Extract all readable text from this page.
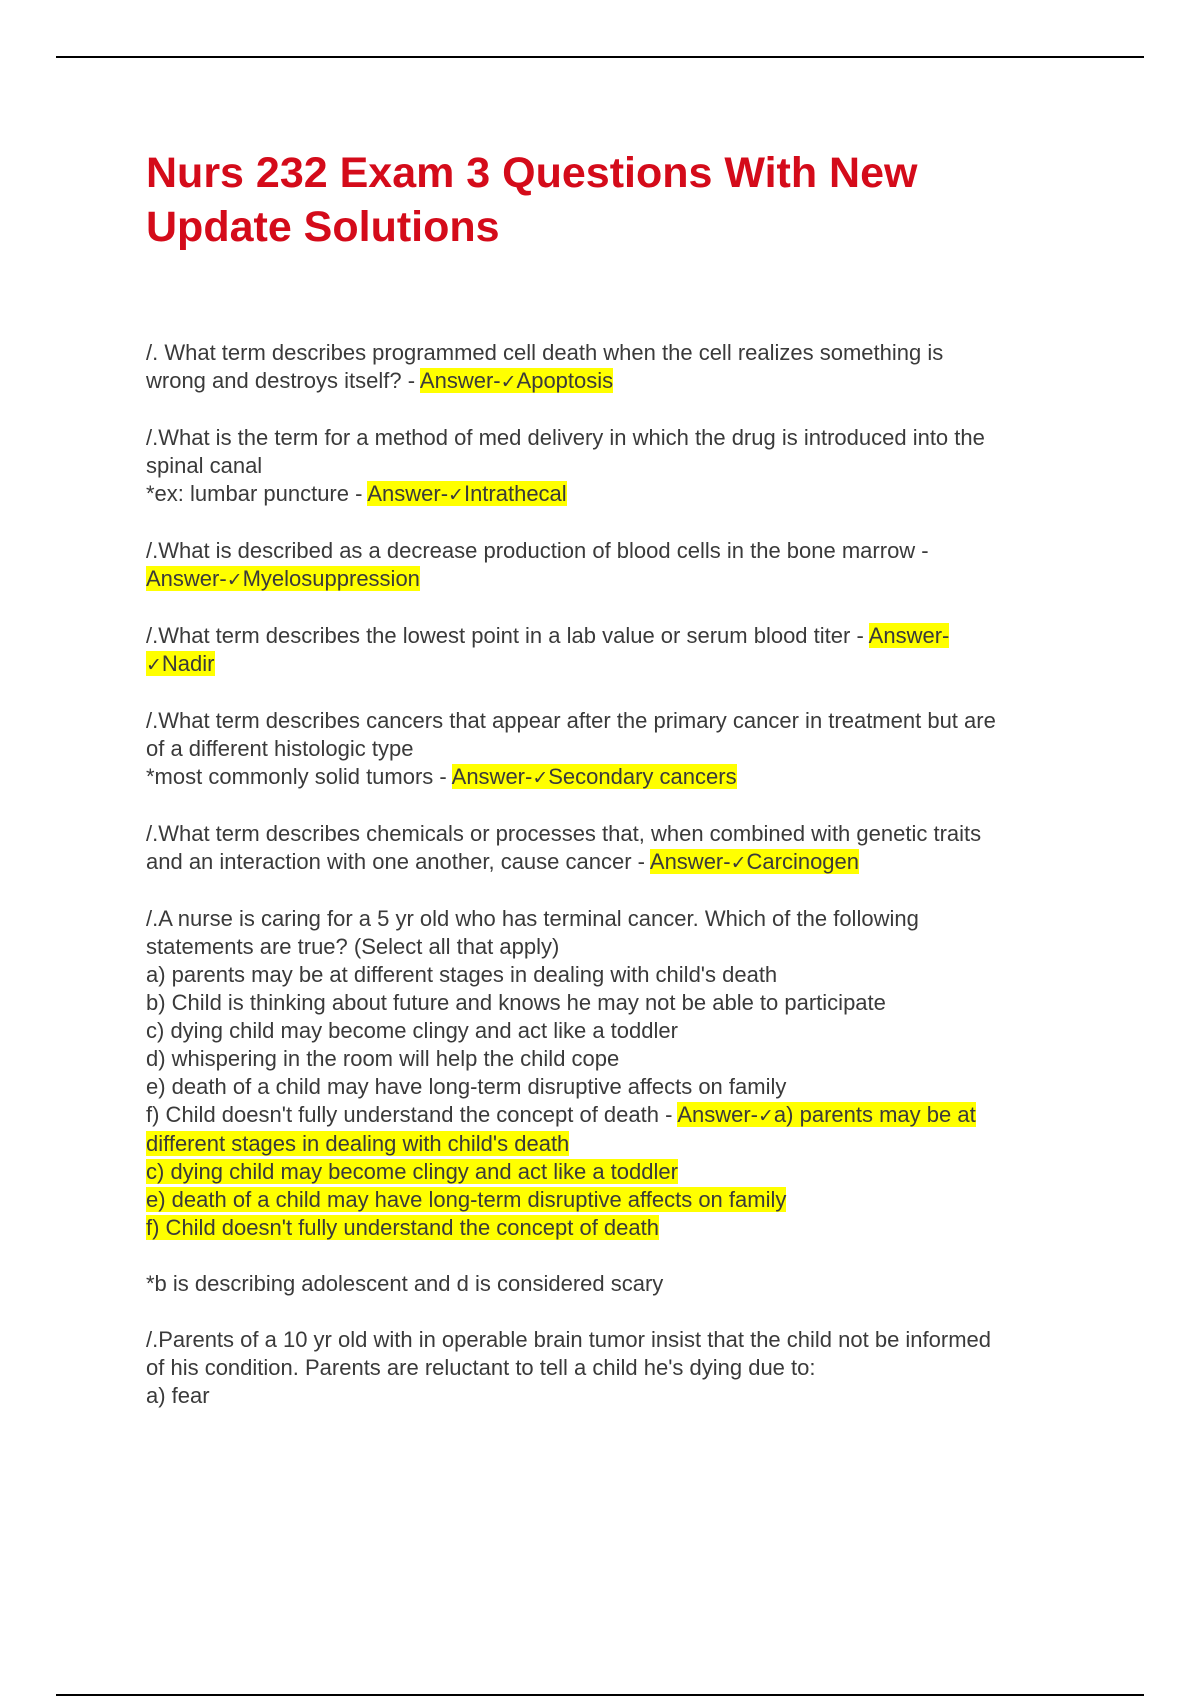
Nurs 232 Exam 3 Questions With New
Update Solutions
/. What term describes programmed cell death when the cell realizes something is
wrong and destroys itself? - Answer-✓Apoptosis
/.What is the term for a method of med delivery in which the drug is introduced into the
spinal canal
*ex: lumbar puncture - Answer-✓Intrathecal
/.What is described as a decrease production of blood cells in the bone marrow -
Answer-✓Myelosuppression
/.What term describes the lowest point in a lab value or serum blood titer - Answer-
✓Nadir
/.What term describes cancers that appear after the primary cancer in treatment but are
of a different histologic type
*most commonly solid tumors - Answer-✓Secondary cancers
/.What term describes chemicals or processes that, when combined with genetic traits
and an interaction with one another, cause cancer - Answer-✓Carcinogen
/.A nurse is caring for a 5 yr old who has terminal cancer. Which of the following
statements are true? (Select all that apply)
a) parents may be at different stages in dealing with child's death
b) Child is thinking about future and knows he may not be able to participate
c) dying child may become clingy and act like a toddler
d) whispering in the room will help the child cope
e) death of a child may have long-term disruptive affects on family
f) Child doesn't fully understand the concept of death - Answer-✓a) parents may be at
different stages in dealing with child's death
c) dying child may become clingy and act like a toddler
e) death of a child may have long-term disruptive affects on family
f) Child doesn't fully understand the concept of death
*b is describing adolescent and d is considered scary
/.Parents of a 10 yr old with in operable brain tumor insist that the child not be informed
of his condition. Parents are reluctant to tell a child he's dying due to:
a) fear
